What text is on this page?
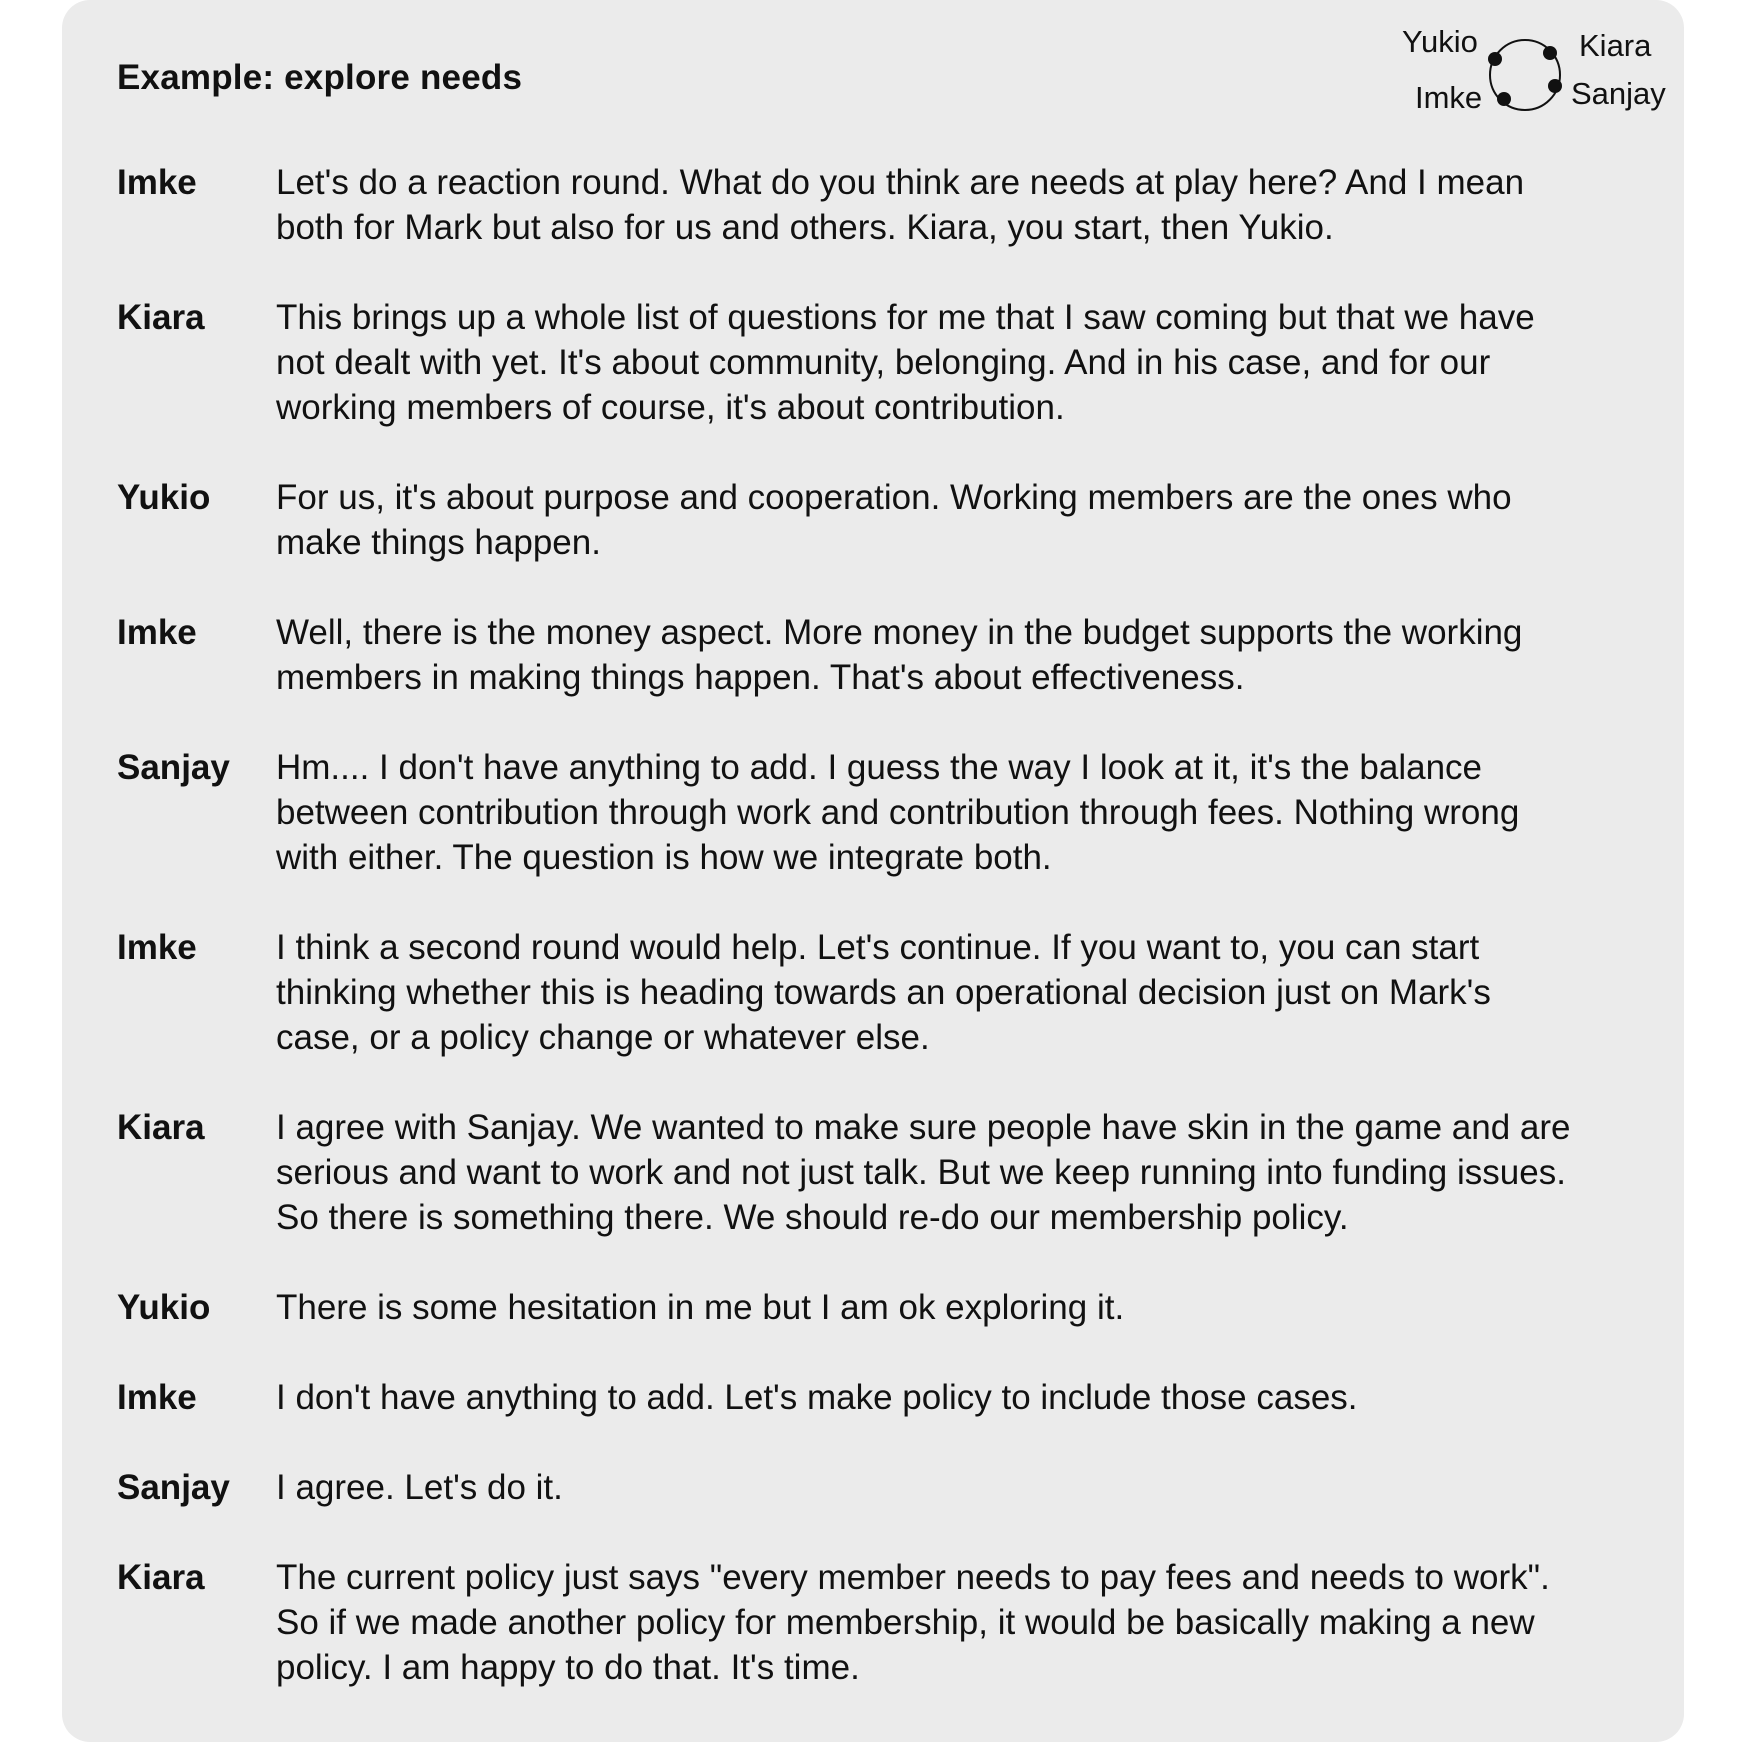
Example: explore needs
Yukio	Kiara
Imke	Sanjay
Imke Let's do a reaction round. What do you think are needs at play here? And I mean
both for Mark but also for us and others. Kiara, you start, then Yukio.
Kiara This brings up a whole list of questions for me that I saw coming but that we have
not dealt with yet. It's about community, belonging. And in his case, and for our
working members of course, it's about contribution.
Yukio For us, it's about purpose and cooperation. Working members are the ones who
make things happen.
Imke Well, there is the money aspect. More money in the budget supports the working
members in making things happen. That's about effectiveness.
Sanjay Hm.... I don't have anything to add. I guess the way I look at it, it's the balance
between contribution through work and contribution through fees. Nothing wrong
with either. The question is how we integrate both.
Imke I think a second round would help. Let's continue. If you want to, you can start
thinking whether this is heading towards an operational decision just on Mark's
case, or a policy change or whatever else.
Kiara I agree with Sanjay. We wanted to make sure people have skin in the game and are
serious and want to work and not just talk. But we keep running into funding issues.
So there is something there. We should re-do our membership policy.
Yukio There is some hesitation in me but I am ok exploring it.
Imke I don't have anything to add. Let's make policy to include those cases.
Sanjay I agree. Let's do it.
Kiara The current policy just says "every member needs to pay fees and needs to work".
So if we made another policy for membership, it would be basically making a new
policy. I am happy to do that. It's time.
